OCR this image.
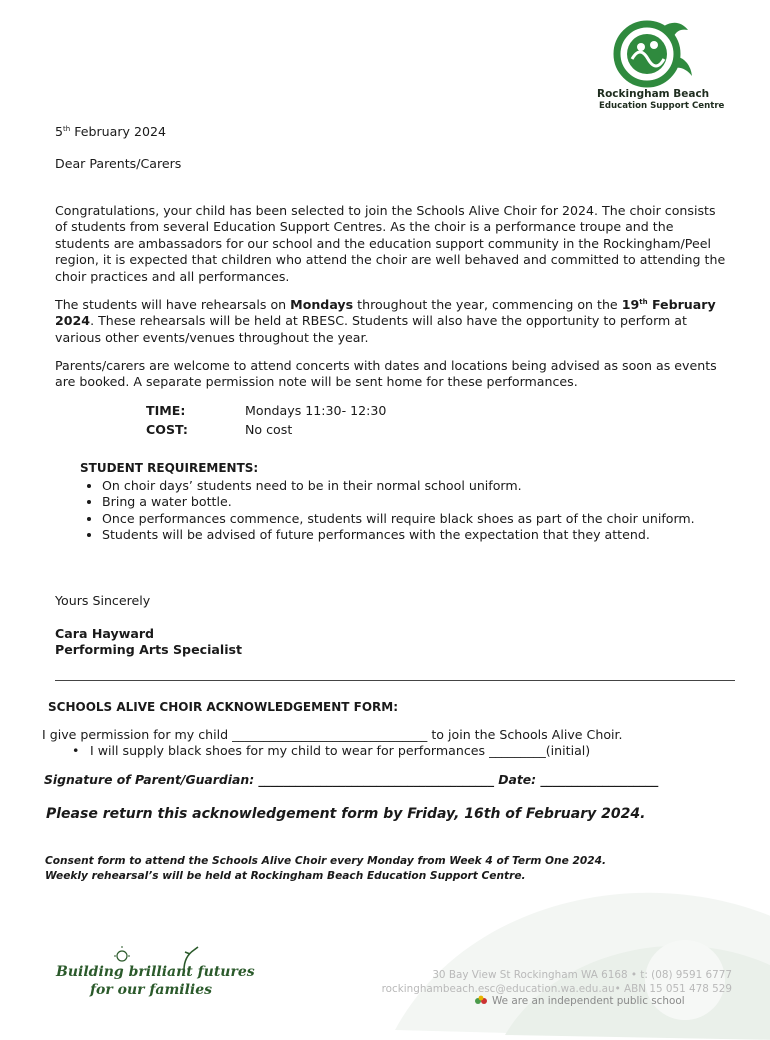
Rockingham Beach
Education Support Centre
5th February 2024
Dear Parents/Carers

Congratulations, your child has been selected to join the Schools Alive Choir for 2024. The choir consists of students from several Education Support Centres. As the choir is a performance troupe and the students are ambassadors for our school and the education support community in the Rockingham/Peel region, it is expected that children who attend the choir are well behaved and committed to attending the choir practices and all performances.

The students will have rehearsals on Mondays throughout the year, commencing on the 19th February 2024. These rehearsals will be held at RBESC. Students will also have the opportunity to perform at various other events/venues throughout the year.

Parents/carers are welcome to attend concerts with dates and locations being advised as soon as events are booked. A separate permission note will be sent home for these performances.

TIME:	Mondays 11:30- 12:30
COST:	No cost
STUDENT REQUIREMENTS:
• On choir days’ students need to be in their normal school uniform.
• Bring a water bottle.
• Once performances commence, students will require black shoes as part of the choir uniform.
• Students will be advised of future performances with the expectation that they attend.
Yours Sincerely
Cara Hayward
Performing Arts Specialist
SCHOOLS ALIVE CHOIR ACKNOWLEDGEMENT FORM:
I give permission for my child _______________________________ to join the Schools Alive Choir.
• I will supply black shoes for my child to wear for performances _________(initial)
Signature of Parent/Guardian: ______________________________________ Date: ___________________
Please return this acknowledgement form by Friday, 16th of February 2024.
Consent form to attend the Schools Alive Choir every Monday from Week 4 of Term One 2024.
Weekly rehearsal’s will be held at Rockingham Beach Education Support Centre.
Building brilliant futures
for our families
30 Bay View St Rockingham WA 6168 • t: (08) 9591 6777
rockinghambeach.esc@education.wa.edu.au• ABN 15 051 478 529
We are an independent public school
